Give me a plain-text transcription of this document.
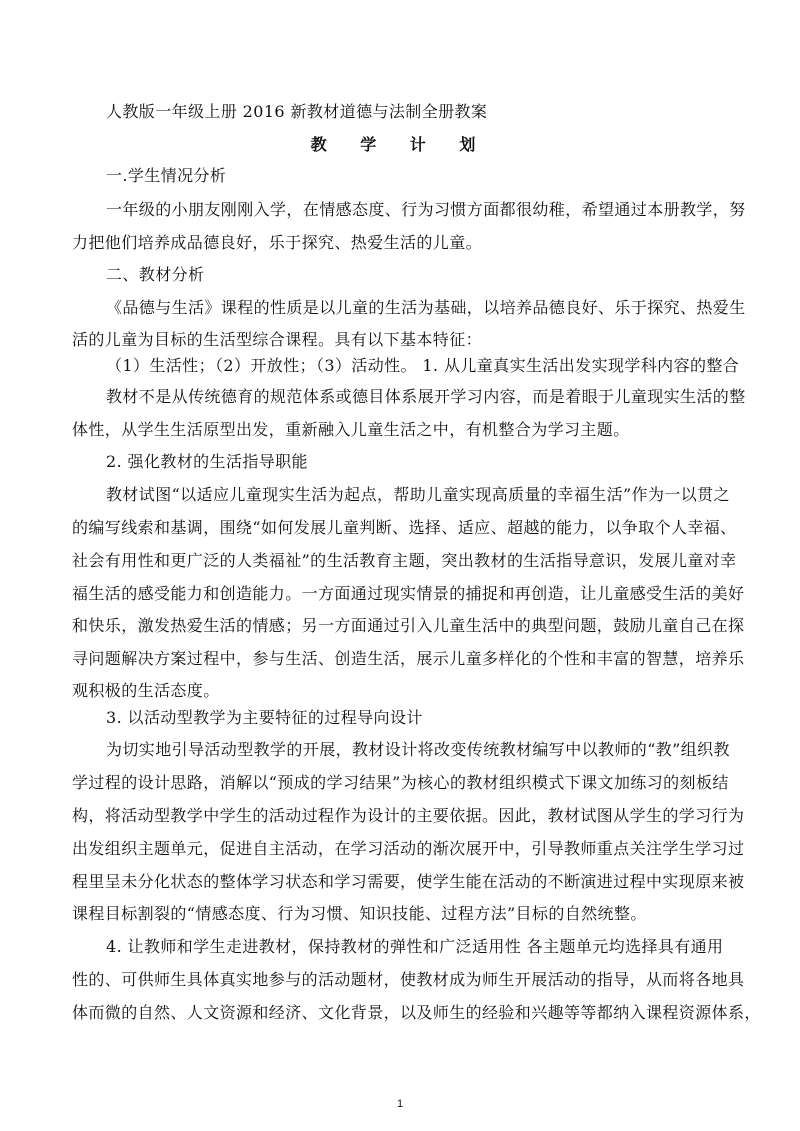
人教版一年级上册 2016 新教材道德与法制全册教案
教 学 计 划
一.学生情况分析
一年级的小朋友刚刚入学，在情感态度、行为习惯方面都很幼稚，希望通过本册教学，努
力把他们培养成品德良好，乐于探究、热爱生活的儿童。
二、教材分析
《品德与生活》课程的性质是以儿童的生活为基础，以培养品德良好、乐于探究、热爱生
活的儿童为目标的生活型综合课程。具有以下基本特征：
（1）生活性；（2）开放性；（3）活动性。 1. 从儿童真实生活出发实现学科内容的整合
教材不是从传统德育的规范体系或德目体系展开学习内容，而是着眼于儿童现实生活的整
体性，从学生生活原型出发，重新融入儿童生活之中，有机整合为学习主题。
2. 强化教材的生活指导职能
教材试图“以适应儿童现实生活为起点，帮助儿童实现高质量的幸福生活”作为一以贯之
的编写线索和基调，围绕“如何发展儿童判断、选择、适应、超越的能力，以争取个人幸福、
社会有用性和更广泛的人类福祉”的生活教育主题，突出教材的生活指导意识，发展儿童对幸
福生活的感受能力和创造能力。一方面通过现实情景的捕捉和再创造，让儿童感受生活的美好
和快乐，激发热爱生活的情感；另一方面通过引入儿童生活中的典型问题，鼓励儿童自己在探
寻问题解决方案过程中，参与生活、创造生活，展示儿童多样化的个性和丰富的智慧，培养乐
观积极的生活态度。
3. 以活动型教学为主要特征的过程导向设计
为切实地引导活动型教学的开展，教材设计将改变传统教材编写中以教师的“教”组织教
学过程的设计思路，消解以“预成的学习结果”为核心的教材组织模式下课文加练习的刻板结
构，将活动型教学中学生的活动过程作为设计的主要依据。因此，教材试图从学生的学习行为
出发组织主题单元，促进自主活动，在学习活动的渐次展开中，引导教师重点关注学生学习过
程里呈未分化状态的整体学习状态和学习需要，使学生能在活动的不断演进过程中实现原来被
课程目标割裂的“情感态度、行为习惯、知识技能、过程方法”目标的自然统整。
4. 让教师和学生走进教材，保持教材的弹性和广泛适用性 各主题单元均选择具有通用
性的、可供师生具体真实地参与的活动题材，使教材成为师生开展活动的指导，从而将各地具
体而微的自然、人文资源和经济、文化背景，以及师生的经验和兴趣等等都纳入课程资源体系，
1
